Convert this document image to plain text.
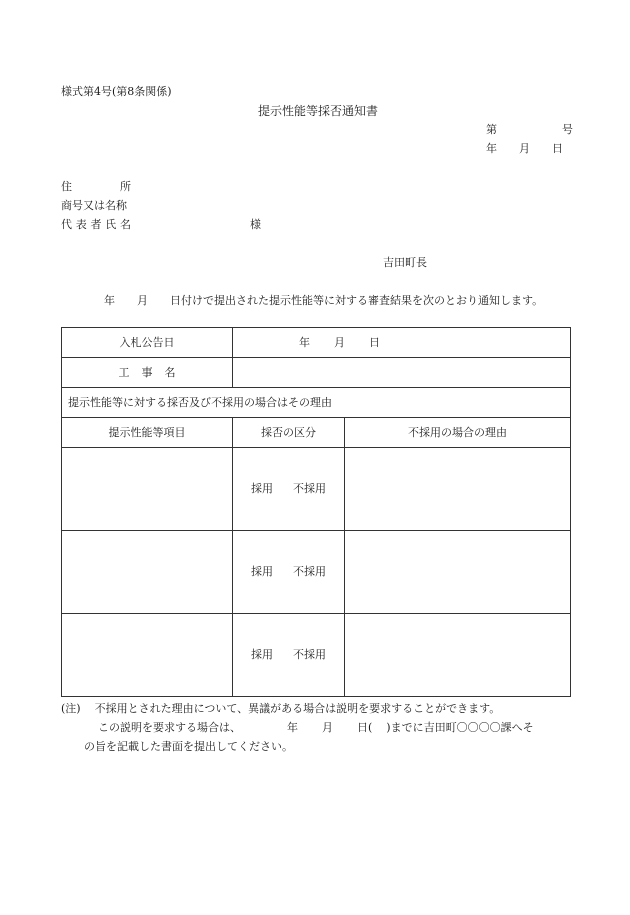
様式第4号(第8条関係)
提示性能等採否通知書
第	号
年 月 日
住	所
商号又は名称
代 表 者 氏 名	様
吉田町長
年 月 日付けで提出された提示性能等に対する審査結果を次のとおり通知します。
入札公告日	年 月 日	
工 事 名		
提示性能等に対する採否及び不採用の場合はその理由		
提示性能等項目	採否の区分	不採用の場合の理由

	採用 不採用	

	採用 不採用	

	採用 不採用	

(注) 不採用とされた理由について、異議がある場合は説明を要求することができます。
この説明を要求する場合は、	年 月 日( )までに吉田町〇〇〇〇課へそ
の旨を記載した書面を提出してください。
